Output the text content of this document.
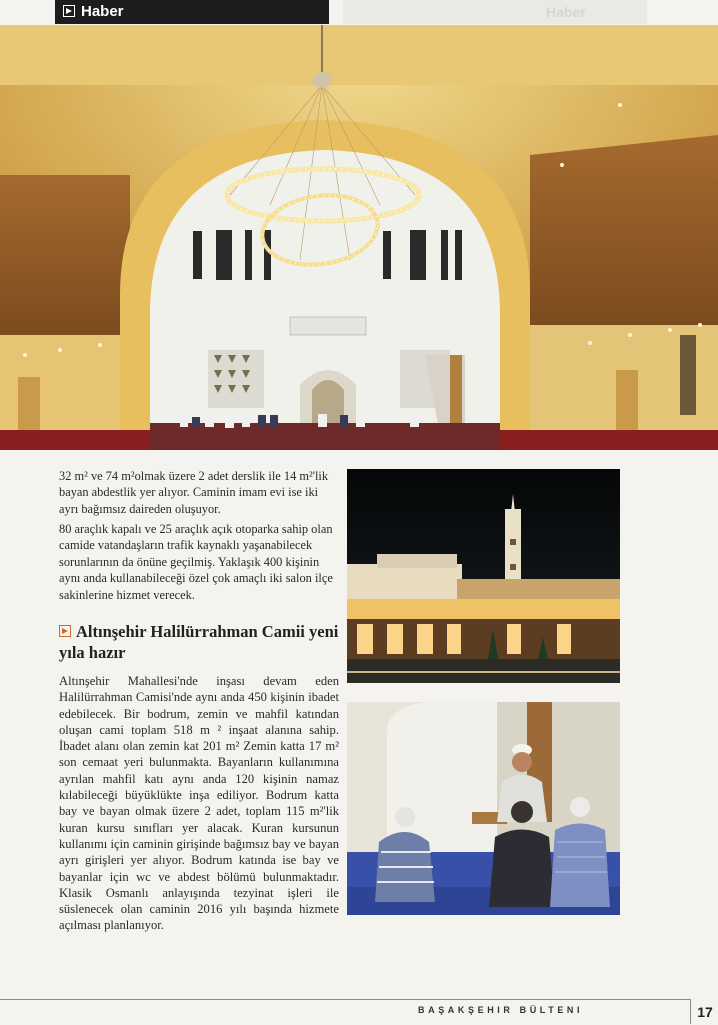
Haber	Haber

32 m² ve 74 m²olmak üzere 2 adet derslik ile 14 m²'lik bayan abdestlik yer alıyor. Caminin imam evi ise iki ayrı bağımsız daireden oluşuyor.

80 araçlık kapalı ve 25 araçlık açık otoparka sahip olan camide vatandaşların trafik kaynaklı yaşanabilecek sorunlarının da önüne geçilmiş. Yaklaşık 400 kişinin aynı anda kullanabileceği özel çok amaçlı iki salon ilçe sakinlerine hizmet verecek.

Altınşehir Halilürrahman Camii yeni yıla hazır

Altınşehir Mahallesi'nde inşası devam eden Halilürrahman Camisi'nde aynı anda 450 kişinin ibadet edebilecek. Bir bodrum, zemin ve mahfil katından oluşan cami toplam 518 m ² inşaat alanına sahip. İbadet alanı olan zemin kat 201 m² Zemin katta 17 m² son cemaat yeri bulunmakta. Bayanların kullanımına ayrılan mahfil katı aynı anda 120 kişinin namaz kılabileceği büyüklükte inşa ediliyor. Bodrum katta bay ve bayan olmak üzere 2 adet, toplam 115 m²'lik kuran kursu sınıfları yer alacak. Kuran kursunun kullanımı için caminin girişinde bağımsız bay ve bayan ayrı girişleri yer alıyor. Bodrum katında ise bay ve bayanlar için wc ve abdest bölümü bulunmaktadır. Klasik Osmanlı anlayışında tezyinat işleri ile süslenecek olan caminin 2016 yılı başında hizmete açılması planlanıyor.

BAŞAKŞEHIR BÜLTENI	17
